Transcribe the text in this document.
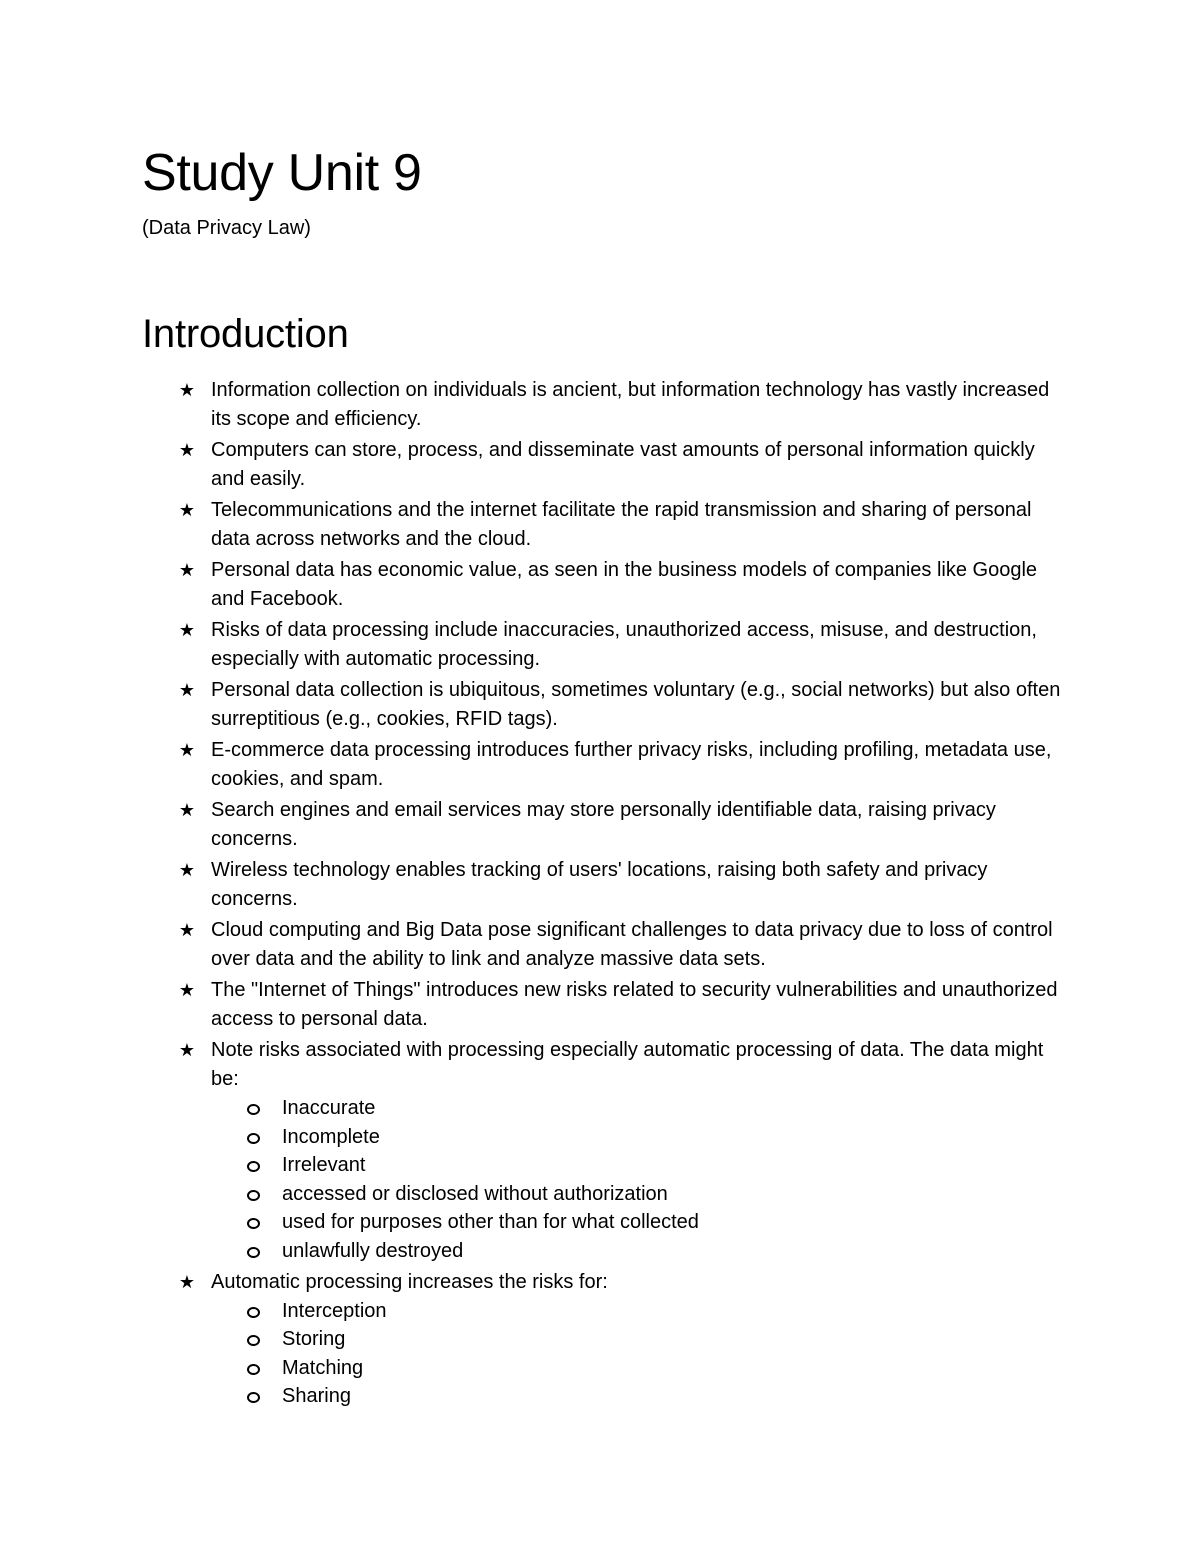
Study Unit 9

(Data Privacy Law)

Introduction
★ Information collection on individuals is ancient, but information technology has vastly increased its scope and efficiency.
★ Computers can store, process, and disseminate vast amounts of personal information quickly and easily.
★ Telecommunications and the internet facilitate the rapid transmission and sharing of personal data across networks and the cloud.
★ Personal data has economic value, as seen in the business models of companies like Google and Facebook.
★ Risks of data processing include inaccuracies, unauthorized access, misuse, and destruction, especially with automatic processing.
★ Personal data collection is ubiquitous, sometimes voluntary (e.g., social networks) but also often surreptitious (e.g., cookies, RFID tags).
★ E-commerce data processing introduces further privacy risks, including profiling, metadata use, cookies, and spam.
★ Search engines and email services may store personally identifiable data, raising privacy concerns.
★ Wireless technology enables tracking of users' locations, raising both safety and privacy concerns.
★ Cloud computing and Big Data pose significant challenges to data privacy due to loss of control over data and the ability to link and analyze massive data sets.
★ The "Internet of Things" introduces new risks related to security vulnerabilities and unauthorized access to personal data.
★ Note risks associated with processing especially automatic processing of data. The data might be:
Inaccurate
Incomplete
Irrelevant
accessed or disclosed without authorization
used for purposes other than for what collected
unlawfully destroyed
★ Automatic processing increases the risks for:
Interception
Storing
Matching
Sharing
